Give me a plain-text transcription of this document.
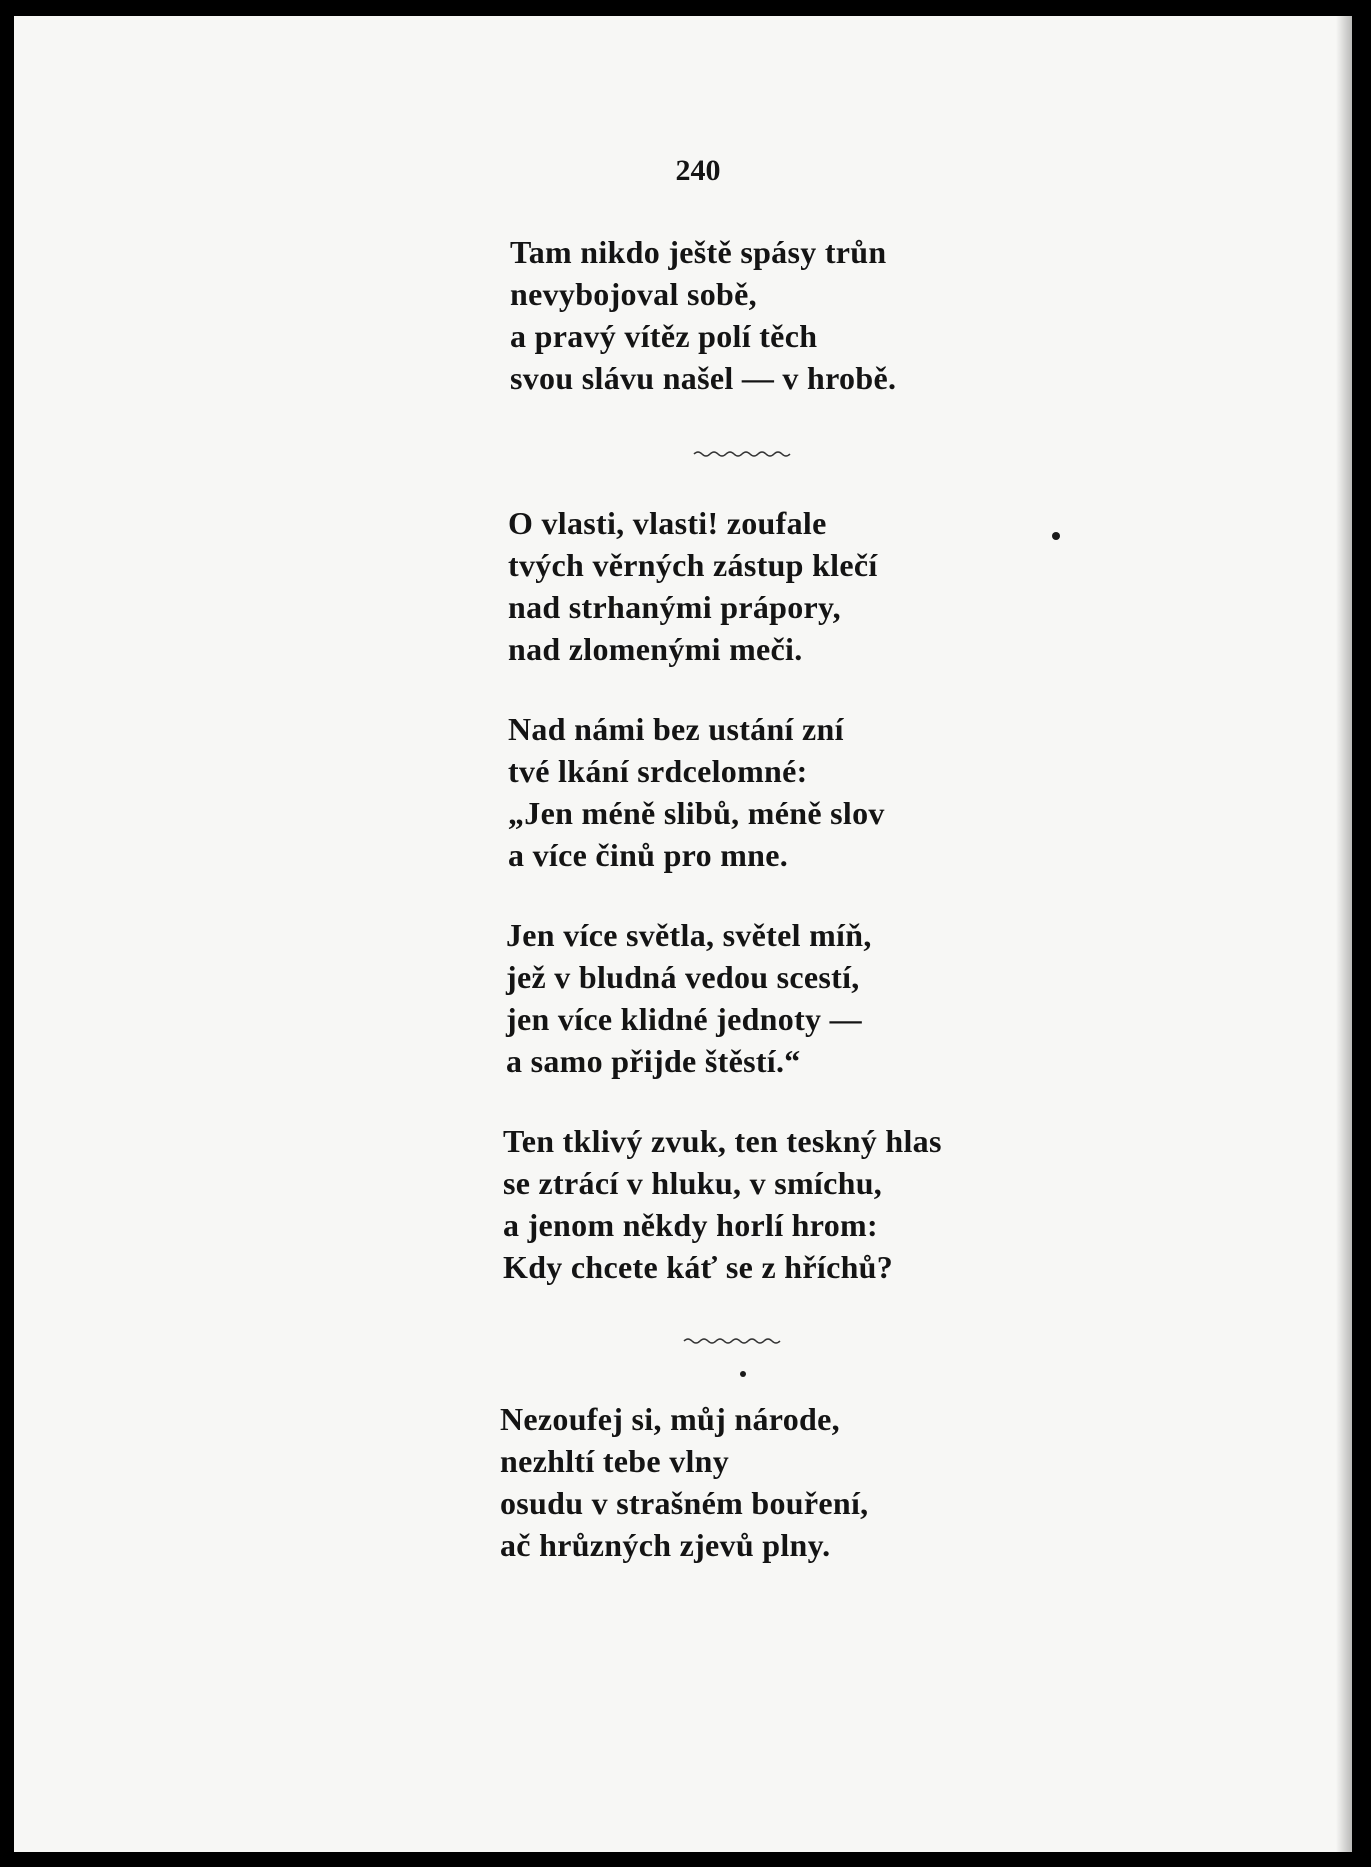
240
Tam nikdo ještě spásy trůn
nevybojoval sobě,
a pravý vítěz polí těch
svou slávu našel — v hrobě.
O vlasti, vlasti! zoufale
tvých věrných zástup klečí
nad strhanými prápory,
nad zlomenými meči.
Nad námi bez ustání zní
tvé lkání srdcelomné:
„Jen méně slibů, méně slov
a více činů pro mne.
Jen více světla, světel míň,
jež v bludná vedou scestí,
jen více klidné jednoty —
a samo přijde štěstí.“
Ten tklivý zvuk, ten teskný hlas
se ztrácí v hluku, v smíchu,
a jenom někdy horlí hrom:
Kdy chcete káť se z hříchů?
Nezoufej si, můj národe,
nezhltí tebe vlny
osudu v strašném bouření,
ač hrůzných zjevů plny.
